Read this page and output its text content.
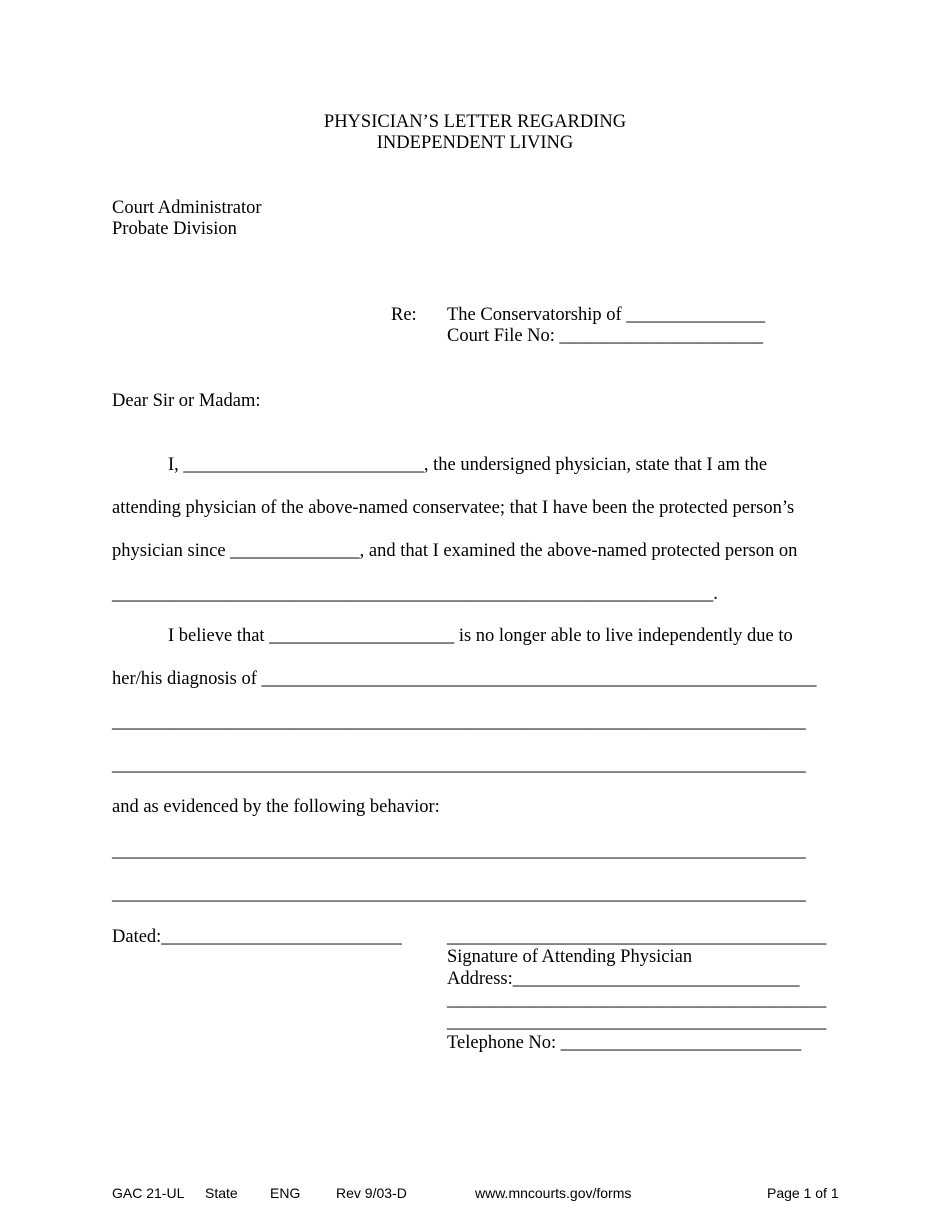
PHYSICIAN’S LETTER REGARDING
INDEPENDENT LIVING
Court Administrator
Probate Division
Re: The Conservatorship of _______________
Court File No: ______________________
Dear Sir or Madam:
I, __________________________, the undersigned physician, state that I am the
attending physician of the above-named conservatee; that I have been the protected person’s
physician since ______________, and that I examined the above-named protected person on
_________________________________________________________________.
I believe that ____________________ is no longer able to live independently due to
her/his diagnosis of ____________________________________________________________
___________________________________________________________________________
___________________________________________________________________________
and as evidenced by the following behavior:
___________________________________________________________________________
___________________________________________________________________________
Dated:__________________________ _________________________________________
Signature of Attending Physician
Address:_______________________________
_________________________________________
_________________________________________
Telephone No: __________________________
GAC 21-UL State ENG	Rev 9/03-D	www.mncourts.gov/forms	Page 1 of 1
